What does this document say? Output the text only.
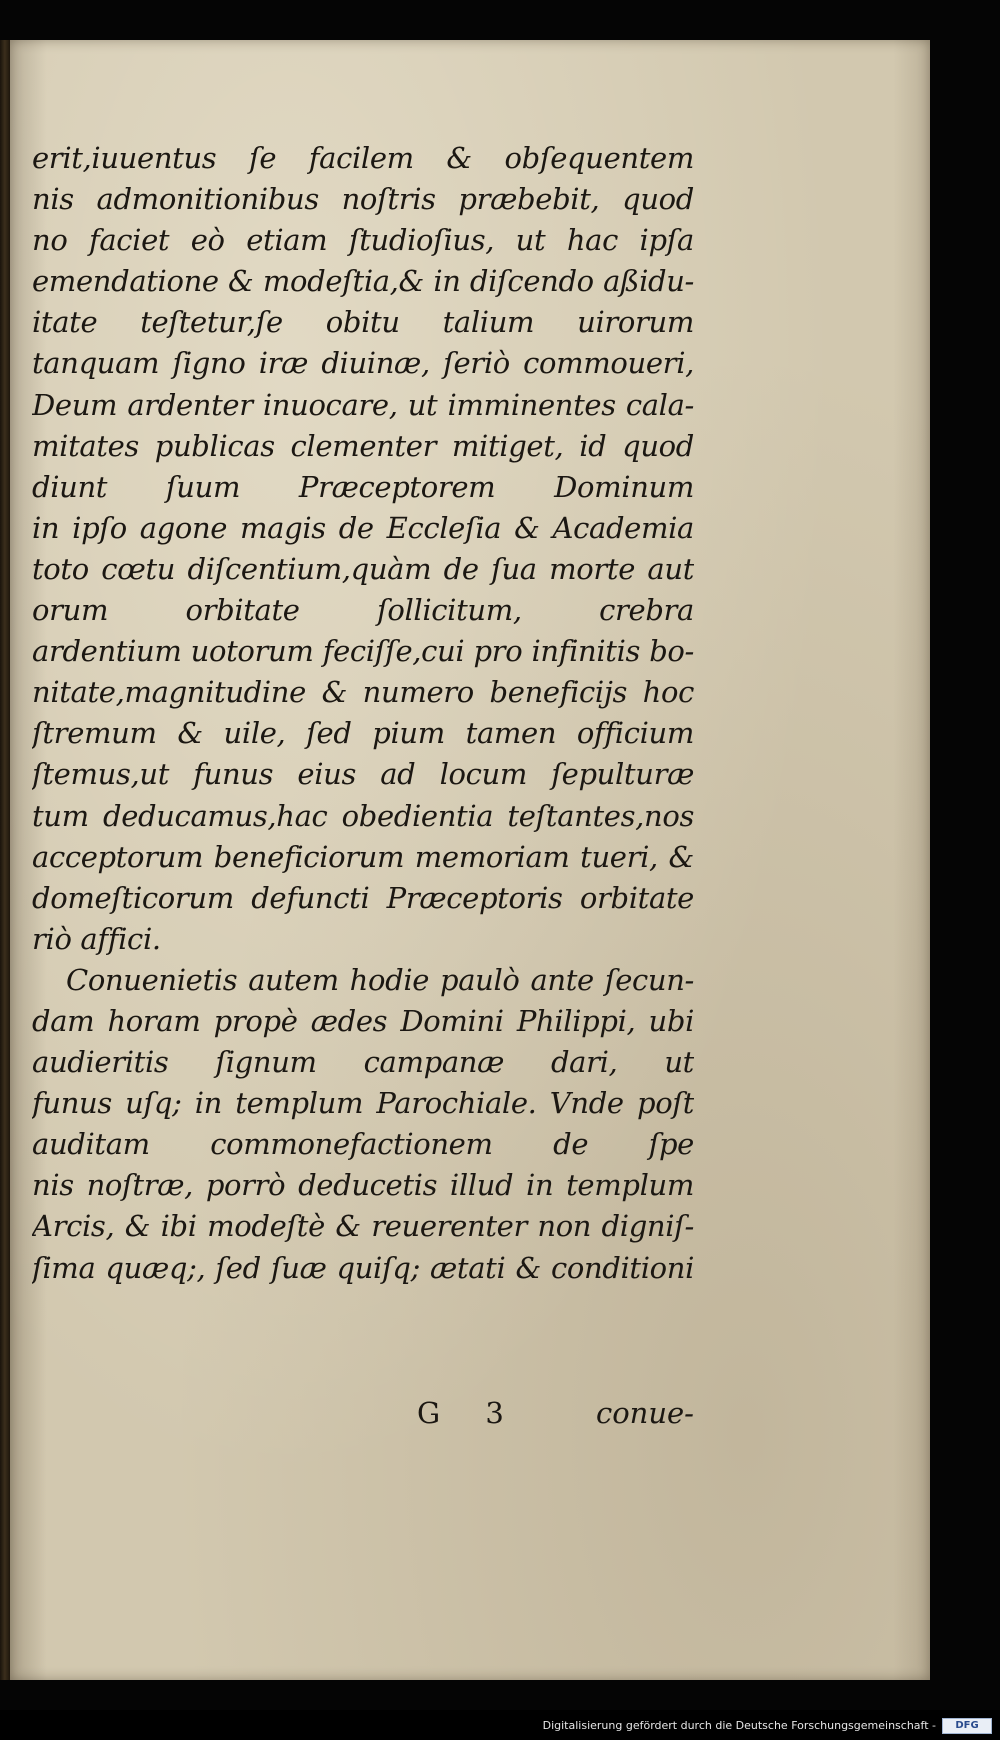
erit,iuuentus ſe facilem & obſequentem
nis admonitionibus noſtris præbebit, quod
no faciet eò etiam ſtudioſius, ut hac ipſa
emendatione & modeſtia,& in diſcendo aßidu‐
itate teſtetur,ſe obitu talium uirorum
tanquam ſigno iræ diuinæ, ſeriò commoueri,
Deum ardenter inuocare, ut imminentes cala‐
mitates publicas clementer mitiget, id quod
diunt ſuum Præceptorem Dominum
in ipſo agone magis de Eccleſia & Academia
toto cœtu diſcentium,quàm de ſua morte aut
orum orbitate ſollicitum, crebra
ardentium uotorum feciſſe,cui pro infinitis bo‐
nitate,magnitudine & numero beneficijs hoc
ſtremum & uile, ſed pium tamen officium
ſtemus,ut funus eius ad locum ſepulturæ
tum deducamus,hac obedientia teſtantes,nos
acceptorum beneficiorum memoriam tueri, &
domeſticorum defuncti Præceptoris orbitate
riò affici.
Conuenietis autem hodie paulò ante ſecun‐
dam horam propè ædes Domini Philippi, ubi
audieritis ſignum campanæ dari, ut
funus uſq; in templum Parochiale. Vnde poſt
auditam commonefactionem de ſpe
nis noſtræ, porrò deducetis illud in templum
Arcis, & ibi modeſtè & reuerenter non digniſ‐
ſima quæq;, ſed ſuæ quiſq; ætati & conditioni
G 3	conue‐
Digitalisierung gefördert durch die Deutsche Forschungsgemeinschaft -	DFG
